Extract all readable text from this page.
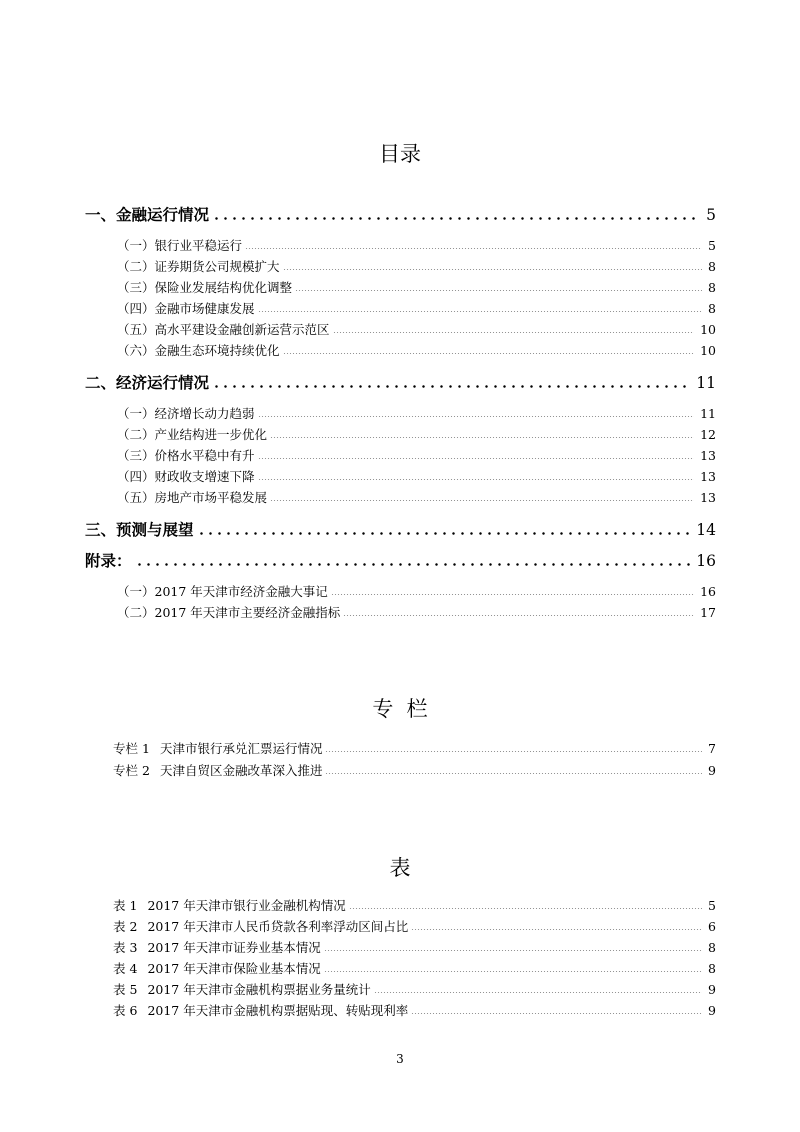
目录
一、金融运行情况	5
（一）银行业平稳运行	5
（二）证券期货公司规模扩大	8
（三）保险业发展结构优化调整	8
（四）金融市场健康发展	8
（五）高水平建设金融创新运营示范区	10
（六）金融生态环境持续优化	10
二、经济运行情况	11
（一）经济增长动力趋弱	11
（二）产业结构进一步优化	12
（三）价格水平稳中有升	13
（四）财政收支增速下降	13
（五）房地产市场平稳发展	13
三、预测与展望	14
附录：	16
（一）2017 年天津市经济金融大事记	16
（二）2017 年天津市主要经济金融指标	17
专  栏
专栏 1 天津市银行承兑汇票运行情况	7
专栏 2 天津自贸区金融改革深入推进	9
表
表 1 2017 年天津市银行业金融机构情况	5
表 2 2017 年天津市人民币贷款各利率浮动区间占比	6
表 3 2017 年天津市证券业基本情况	8
表 4 2017 年天津市保险业基本情况	8
表 5 2017 年天津市金融机构票据业务量统计	9
表 6 2017 年天津市金融机构票据贴现、转贴现利率	9
3
